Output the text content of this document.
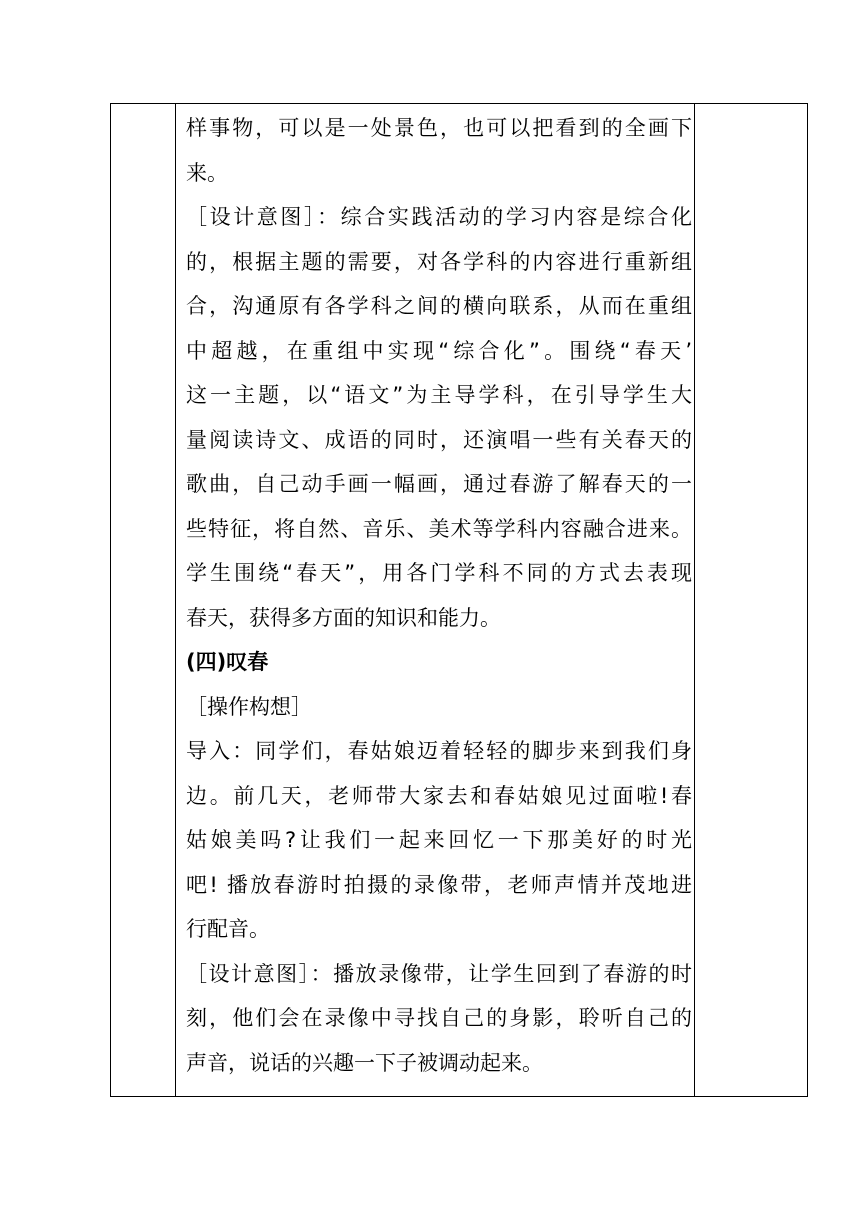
样事物，可以是一处景色，也可以把看到的全画下
来。
［设计意图］：综合实践活动的学习内容是综合化
的，根据主题的需要，对各学科的内容进行重新组
合，沟通原有各学科之间的横向联系，从而在重组
中超越，在重组中实现“综合化”。围绕“春天’
这一主题，以“语文”为主导学科，在引导学生大
量阅读诗文、成语的同时，还演唱一些有关春天的
歌曲，自己动手画一幅画，通过春游了解春天的一
些特征，将自然、音乐、美术等学科内容融合进来。
学生围绕“春天”，用各门学科不同的方式去表现
春天，获得多方面的知识和能力。
(四)叹春
［操作构想］
导入：同学们，春姑娘迈着轻轻的脚步来到我们身
边。前几天，老师带大家去和春姑娘见过面啦!春
姑娘美吗?让我们一起来回忆一下那美好的时光
吧! 播放春游时拍摄的录像带，老师声情并茂地进
行配音。
［设计意图］：播放录像带，让学生回到了春游的时
刻，他们会在录像中寻找自己的身影，聆听自己的
声音，说话的兴趣一下子被调动起来。
